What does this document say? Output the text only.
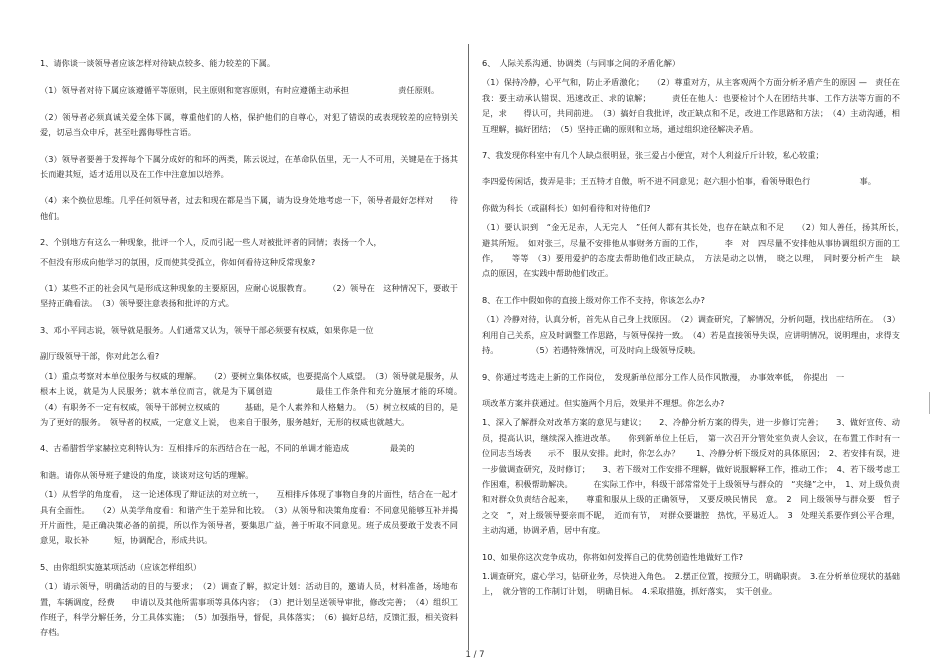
1、请你谈一谈领导者应该怎样对待缺点较多、能力较差的下属。

（1）领导者对待下属应该遵循平等原则，民主原则和宽容原则，有时应遵循主动承担　　　　　　责任原则。

（2）领导者必须真诚关爱全体下属，尊重他们的人格，保护他们的自尊心，对犯了错误的或表现较差的应特别关爱，切忌当众申斥，甚至吐露侮辱性言语。

（3）领导者要善于发挥每个下属分成好的和坏的两类，陈云说过，在革命队伍里，无一人不可用，关键是在于扬其长而避其短，适才适用以及在工作中注意加以培养。

（4）来个换位思维。几乎任何领导者，过去和现在都是当下属，请为设身处地考虑一下，领导者最好怎样对　　待他们。

2、个别地方有这么一种现象，批评一个人，反而引起一些人对被批评者的同情；表扬一个人，

不但没有形成向他学习的氛围，反而使其受孤立，你如何看待这种反常现象?

（1）某些不正的社会风气是形成这种现象的主要原因，应耐心说服教育。　　　（2）领导在　这种情况下，要敢于坚持正确看法。　（3）领导要注意表扬和批评的方式。

3、邓小平同志说，领导就是服务。人们通常又认为，领导干部必须要有权威，如果你是一位

副厅级领导干部，你对此怎么看?

（1）重点考察对本单位服务与权威的理解。　　（2）要树立集体权威，也要提高个人威望。　（3）领导就是服务，从根本上说，就是为人民服务；就本单位而言，就是为下属创造　　　　　最佳工作条件和充分施展才能的环境。　（4）有职务不一定有权威，领导干部树立权威的　　　基础，是个人素养和人格魅力。　（5）树立权威的目的，是为了更好的服务。　领导者的权威，一定意义上说，　也来自于服务，服务越好，无形的权威也就越大。

4、古希腊哲学家赫拉克利特认为：互相排斥的东西结合在一起，不同的单调才能造成　　　　　最美的

和谐。请你从领导班子建设的角度，谈谈对这句话的理解。

（1）从哲学的角度看，　这一论述体现了辩证法的对立统一，　　互相排斥体现了事物自身的片面性，结合在一起才具有全面性。　　（2）从美学角度看：和谐产生于差异和比较。　（3）从领导和决策角度看：不同意见能够互补并揭开片面性，是正确决策必备的前提，所以作为领导者，要集思广益，善于听取不同意见。班子成员要敢于发表不同意见，取长补　　　短，协调配合，形成共识。

5、由你组织实施某项活动（应该怎样组织）

（1）请示领导，明确活动的目的与要求；　（2）调查了解，拟定计划：活动目的，邀请人员，材料准备，场地布置，车辆调度，经费　　申请以及其他所需事项等具体内容；　（3）把计划呈送领导审批，修改完善；　（4）组织工作班子，科学分解任务，分工具体实施；　（5）加强指导，督促，具体落实；　（6）搞好总结，反馈汇报，相关资料存档。

6、　人际关系沟通、协调类（与同事之间的矛盾化解）

（1）保持冷静，心平气和，防止矛盾激化；　　（2）尊重对方，从主客观两个方面分析矛盾产生的原因 —　责任在我：要主动承认错误、迅速改正、求的谅解；　　　责任在他人：也要检讨个人在团结共事、工作方法等方面的不足，求　　得认可，共同前进。　（3）搞好自我批评，改正缺点和不足，改进工作思路和方法；　（4）主动沟通，相互理解，搞好团结；　（5）坚持正确的原则和立场，通过组织途径解决矛盾。

7、我发现你科室中有几个人缺点很明显，张三爱占小便宜，对个人利益斤斤计较，私心较重；

李四爱传闲话，拨弄是非；王五特才自傲，听不进不同意见；赵六胆小怕事，看领导眼色行　　　　　　事。

你做为科长（或副科长）如何看待和对待他们?

（1）要认识到　“金无足赤，人无完人　”任何人都有其长处，也存在缺点和不足　　（2）知人善任，扬其所长，　避其所短。　如对张三，尽量不安排他从事财务方面的工作，　　　李　对　四尽量不安排他从事协调组织方面的工作，　　等等　（3）要用爱护的态度去帮助他们改正缺点，　方法是动之以情，　晓之以理，　同时要分析产生　缺　点的原因，在实践中帮助他们改正。

8、在工作中假如你的直接上级对你工作不支持，你该怎么办?

（1）冷静对待，认真分析，首先从自己身上找原因。　（2）调查研究，了解情况，分析问题，找出症结所在。　（3）利用自己关系，应及时调整工作思路，与领导保持一致。　（4）若是直接领导失误，应讲明情况，说明理由，求得支持。　　　　　（5）若遇特殊情况，可及时向上级领导反映。

9、你通过考选走上新的工作岗位，　发现新单位部分工作人员作风散漫，　办事效率低，　你提出　一

项改革方案并获通过。但实施两个月后，效果并不理想。你怎么办?

1、深入了解群众对改革方案的意见与建议；　　2、冷静分析方案的得失，进一步修订完善；　　3、做好宣传、动员，提高认识，继续深入推进改革。　　你到新单位上任后，　第一次召开分管处室负责人会议，在布置工作时有一位同志当场表　　示不　服从安排。此时，你怎么办？　　1、冷静分析下级反对的具体原因；　2、若安排有误，进一步做调查研究，及时修订；　　3、若下级对工作安排不理解，做好说服解释工作，推动工作；　4、若下级考虑工作困难，积极帮助解决。　　　在实际工作中，科级干部常常处于上级领导与群众的　“夹缝”之中，　1、对上级负责和对群众负责结合起来，　　尊重和服从上级的正确领导，　又要反映民情民　意。　2　同上级领导与群众要　哲子之交　”，对上级领导要亲而不昵，　近而有节，　对群众要谦腔　热忱，平易近人。　3　处理关系要作到公平合理，主动沟通，协调矛盾，居中有度。

10、如果你这次竞争成功，你将如何发挥自己的优势创造性地做好工作?

1.调查研究，虚心学习，钻研业务，尽快进入角色。　2.摆正位置，按照分工，明确职责。　3.在分析单位现状的基础上，　就分管的工作制订计划，　明确目标。　4.采取措施，抓好落实，　实干创业。

1 / 7
